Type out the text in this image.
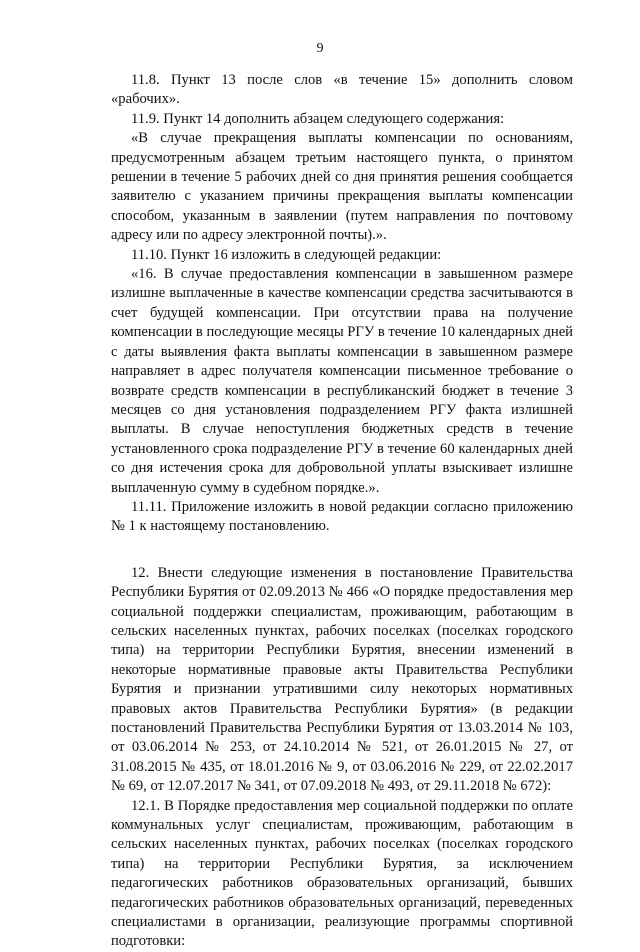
9

11.8. Пункт 13 после слов «в течение 15» дополнить словом «рабочих».

11.9. Пункт 14 дополнить абзацем следующего содержания:

«В случае прекращения выплаты компенсации по основаниям, предусмотренным абзацем третьим настоящего пункта, о принятом решении в течение 5 рабочих дней со дня принятия решения сообщается заявителю с указанием причины прекращения выплаты компенсации способом, указанным в заявлении (путем направления по почтовому адресу или по адресу электронной почты).».

11.10. Пункт 16 изложить в следующей редакции:

«16. В случае предоставления компенсации в завышенном размере излишне выплаченные в качестве компенсации средства засчитываются в счет будущей компенсации. При отсутствии права на получение компенсации в последующие месяцы РГУ в течение 10 календарных дней с даты выявления факта выплаты компенсации в завышенном размере направляет в адрес получателя компенсации письменное требование о возврате средств компенсации в республиканский бюджет в течение 3 месяцев со дня установления подразделением РГУ факта излишней выплаты. В случае непоступления бюджетных средств в течение установленного срока подразделение РГУ в течение 60 календарных дней со дня истечения срока для добровольной уплаты взыскивает излишне выплаченную сумму в судебном порядке.».

11.11. Приложение изложить в новой редакции согласно приложению № 1 к настоящему постановлению.

12. Внести следующие изменения в постановление Правительства Республики Бурятия от 02.09.2013 № 466 «О порядке предоставления мер социальной поддержки специалистам, проживающим, работающим в сельских населенных пунктах, рабочих поселках (поселках городского типа) на территории Республики Бурятия, внесении изменений в некоторые нормативные правовые акты Правительства Республики Бурятия и признании утратившими силу некоторых нормативных правовых актов Правительства Республики Бурятия» (в редакции постановлений Правительства Республики Бурятия от 13.03.2014 № 103, от 03.06.2014 № 253, от 24.10.2014 № 521, от 26.01.2015 № 27, от 31.08.2015 № 435, от 18.01.2016 № 9, от 03.06.2016 № 229, от 22.02.2017 № 69, от 12.07.2017 № 341, от 07.09.2018 № 493, от 29.11.2018 № 672):

12.1. В Порядке предоставления мер социальной поддержки по оплате коммунальных услуг специалистам, проживающим, работающим в сельских населенных пунктах, рабочих поселках (поселках городского типа) на территории Республики Бурятия, за исключением педагогических работников образовательных организаций, бывших педагогических работников образовательных организаций, переведенных специалистами в организации, реализующие программы спортивной подготовки:
